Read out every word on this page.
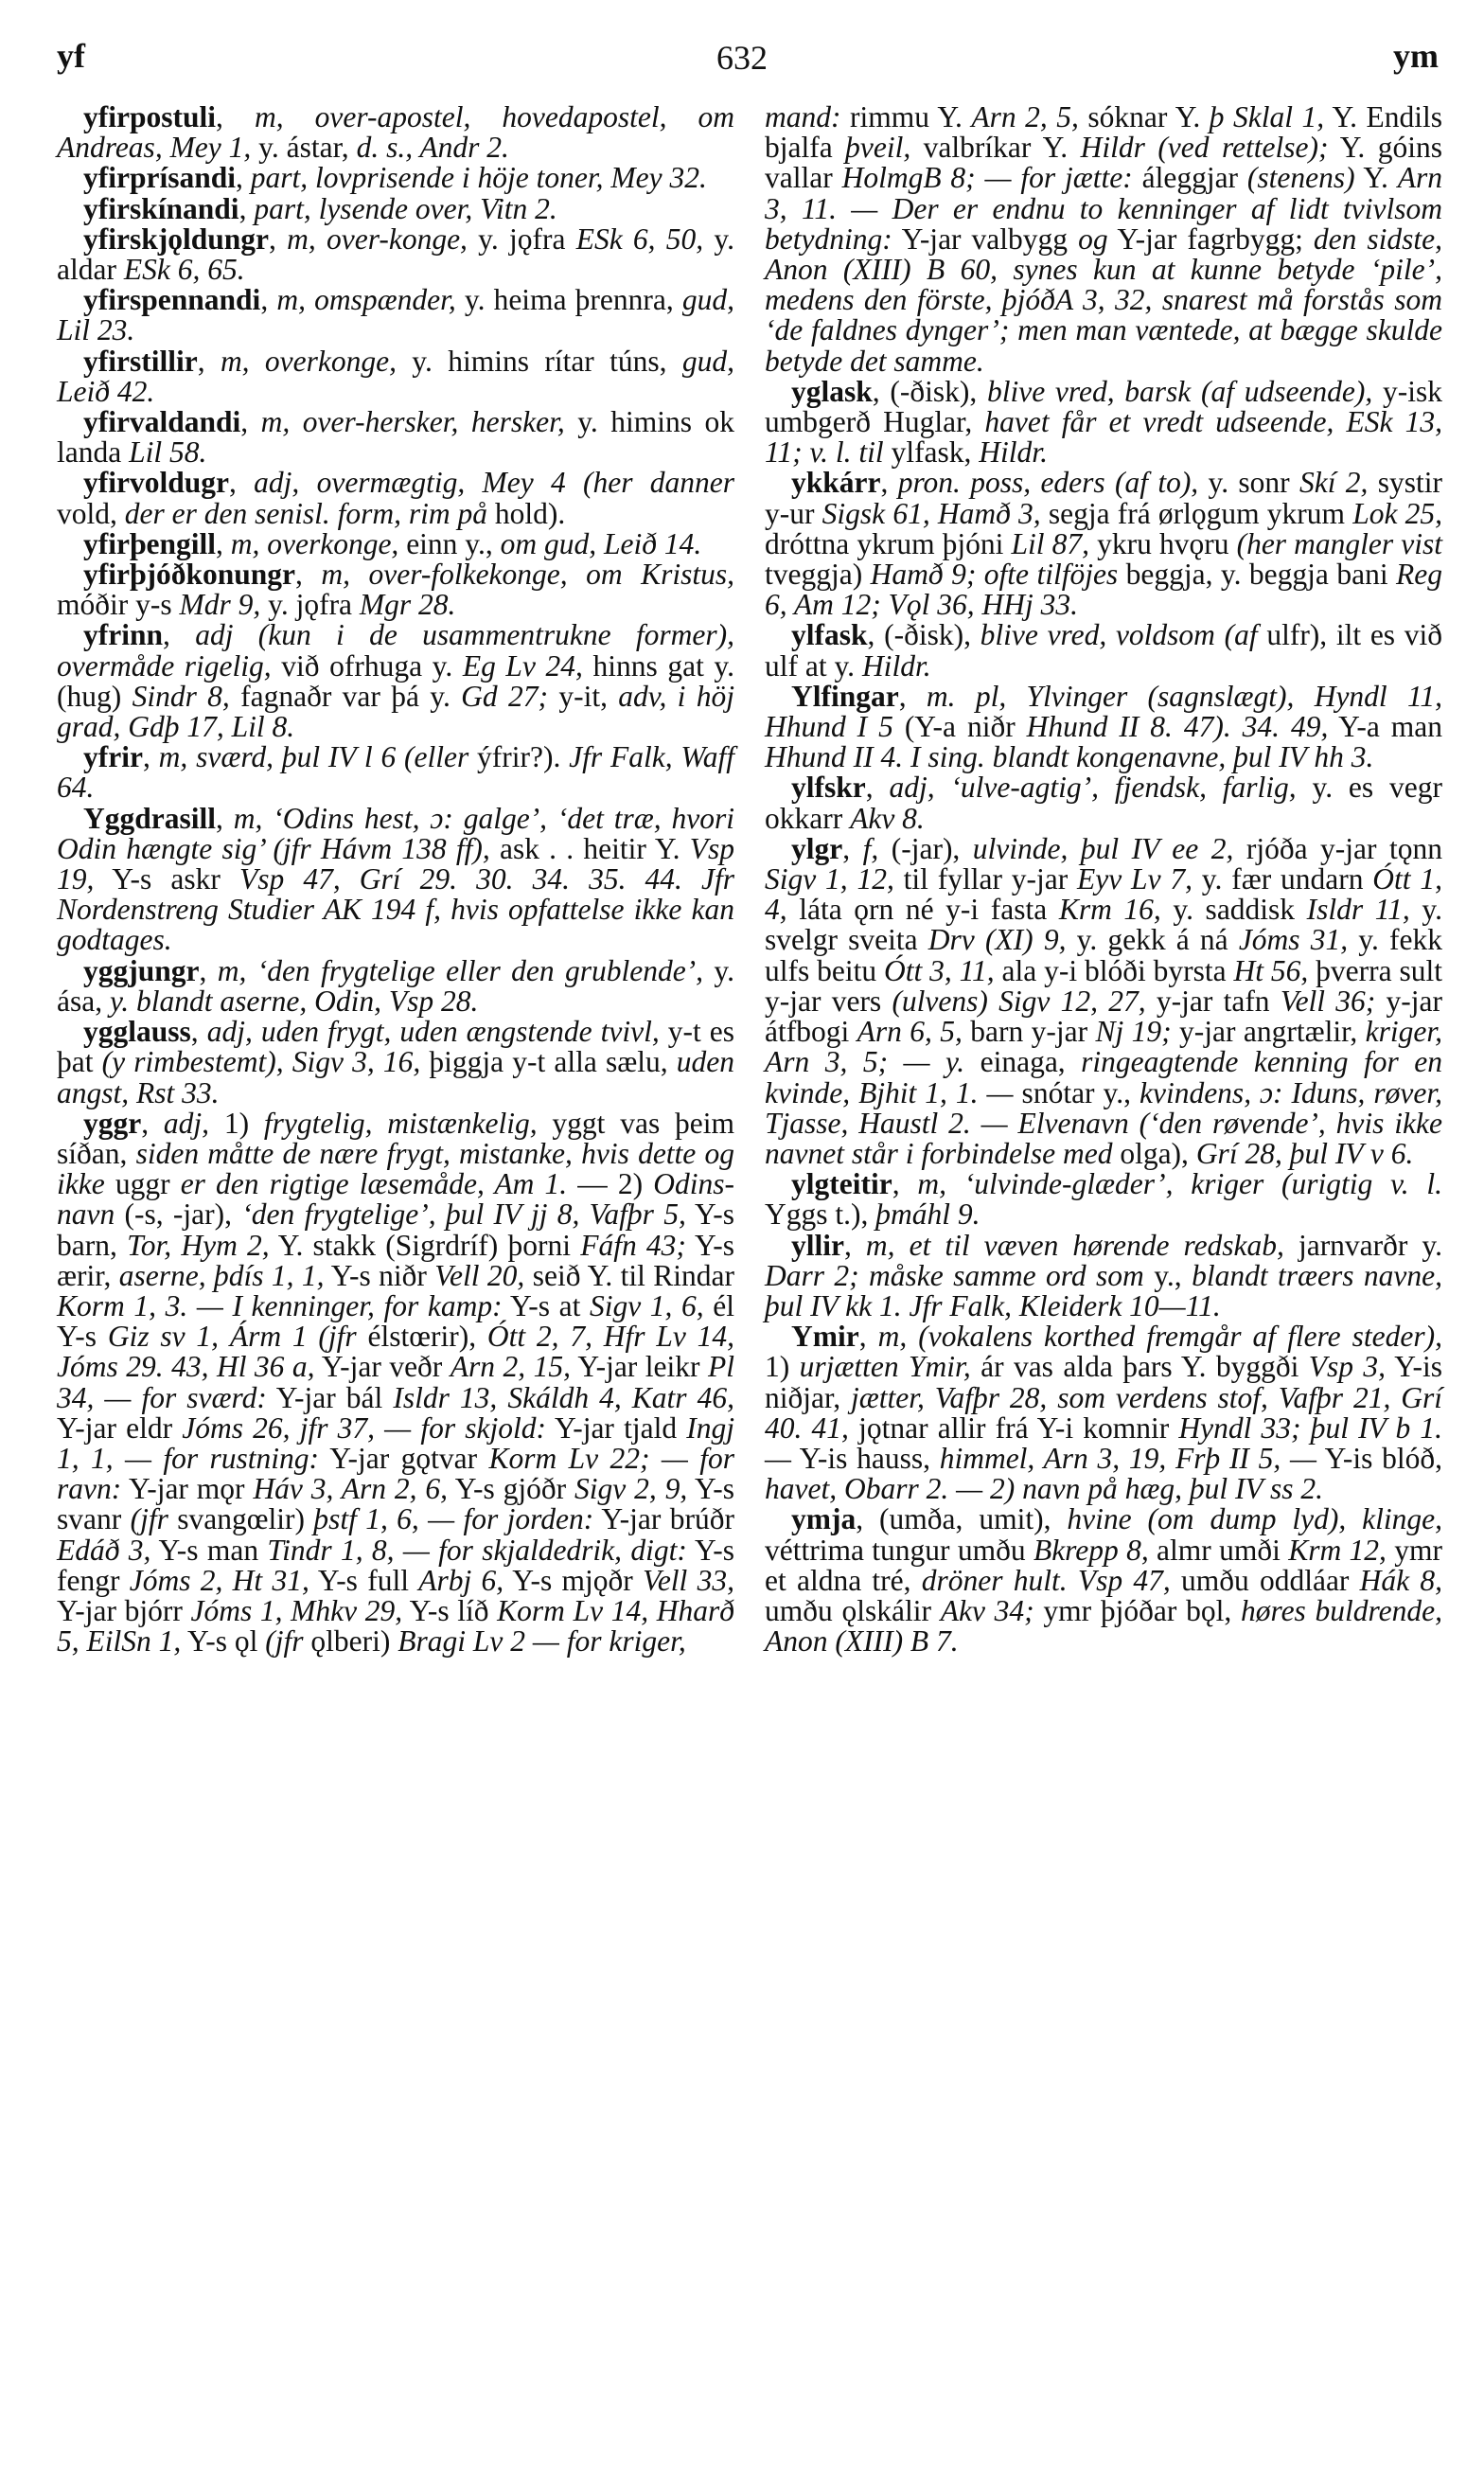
yf	632	ym

yfirpostuli, m, over-apostel, hovedapostel, om Andreas, Mey 1, y. ástar, d. s., Andr 2.

yfirprísandi, part, lovprisende i höje toner, Mey 32.

yfirskínandi, part, lysende over, Vitn 2.

yfirskjǫldungr, m, over-konge, y. jǫfra ESk 6, 50, y. aldar ESk 6, 65.

yfirspennandi, m, omspænder, y. heima þrennra, gud, Lil 23.

yfirstillir, m, overkonge, y. himins rítar túns, gud, Leið 42.

yfirvaldandi, m, over-hersker, hersker, y. himins ok landa Lil 58.

yfirvoldugr, adj, overmægtig, Mey 4 (her danner vold, der er den senisl. form, rim på hold).

yfirþengill, m, overkonge, einn y., om gud, Leið 14.

yfirþjóðkonungr, m, over-folkekonge, om Kristus, móðir y-s Mdr 9, y. jǫfra Mgr 28.

yfrinn, adj (kun i de usammentrukne former), overmåde rigelig, við ofrhuga y. Eg Lv 24, hinns gat y. (hug) Sindr 8, fagnaðr var þá y. Gd 27; y-it, adv, i höj grad, Gdþ 17, Lil 8.

yfrir, m, sværd, þul IV l 6 (eller ýfrir?). Jfr Falk, Waff 64.

Yggdrasill, m, ‘Odins hest, ɔ: galge’, ‘det træ, hvori Odin hængte sig’ (jfr Hávm 138 ff), ask . . heitir Y. Vsp 19, Y-s askr Vsp 47, Grí 29. 30. 34. 35. 44. Jfr Nordenstreng Studier AK 194 f, hvis opfattelse ikke kan godtages.

yggjungr, m, ‘den frygtelige eller den grublende’, y. ása, y. blandt aserne, Odin, Vsp 28.

ygglauss, adj, uden frygt, uden ængstende tvivl, y-t es þat (y rimbestemt), Sigv 3, 16, þiggja y-t alla sælu, uden angst, Rst 33.

yggr, adj, 1) frygtelig, mistænkelig, yggt vas þeim síðan, siden måtte de nære frygt, mistanke, hvis dette og ikke uggr er den rigtige læsemåde, Am 1. — 2) Odins-navn (-s, -jar), ‘den frygtelige’, þul IV jj 8, Vafþr 5, Y-s barn, Tor, Hym 2, Y. stakk (Sigrdríf) þorni Fáfn 43; Y-s ærir, aserne, þdís 1, 1, Y-s niðr Vell 20, seið Y. til Rindar Korm 1, 3. — I kenninger, for kamp: Y-s at Sigv 1, 6, él Y-s Giz sv 1, Árm 1 (jfr élstœrir), Ótt 2, 7, Hfr Lv 14, Jóms 29. 43, Hl 36 a, Y-jar veðr Arn 2, 15, Y-jar leikr Pl 34, — for sværd: Y-jar bál Isldr 13, Skáldh 4, Katr 46, Y-jar eldr Jóms 26, jfr 37, — for skjold: Y-jar tjald Ingj 1, 1, — for rustning: Y-jar gǫtvar Korm Lv 22; — for ravn: Y-jar mǫr Háv 3, Arn 2, 6, Y-s gjóðr Sigv 2, 9, Y-s svanr (jfr svangœlir) þstf 1, 6, — for jorden: Y-jar brúðr Edáð 3, Y-s man Tindr 1, 8, — for skjaldedrik, digt: Y-s fengr Jóms 2, Ht 31, Y-s full Arbj 6, Y-s mjǫðr Vell 33, Y-jar bjórr Jóms 1, Mhkv 29, Y-s líð Korm Lv 14, Hharð 5, EilSn 1, Y-s ǫl (jfr ǫlberi) Bragi Lv 2 — for kriger,

mand: rimmu Y. Arn 2, 5, sóknar Y. þ Sklal 1, Y. Endils bjalfa þveil, valbríkar Y. Hildr (ved rettelse); Y. góins vallar HolmgB 8; — for jætte: áleggjar (stenens) Y. Arn 3, 11. — Der er endnu to kenninger af lidt tvivlsom betydning: Y-jar valbygg og Y-jar fagrbygg; den sidste, Anon (XIII) B 60, synes kun at kunne betyde ‘pile’, medens den förste, þjóðA 3, 32, snarest må forstås som ‘de faldnes dynger’; men man væntede, at bægge skulde betyde det samme.

yglask, (-ðisk), blive vred, barsk (af udseende), y-isk umbgerð Huglar, havet får et vredt udseende, ESk 13, 11; v. l. til ylfask, Hildr.

ykkárr, pron. poss, eders (af to), y. sonr Skí 2, systir y-ur Sigsk 61, Hamð 3, segja frá ørlǫgum ykrum Lok 25, dróttna ykrum þjóni Lil 87, ykru hvǫru (her mangler vist tveggja) Hamð 9; ofte tilföjes beggja, y. beggja bani Reg 6, Am 12; Vǫl 36, HHj 33.

ylfask, (-ðisk), blive vred, voldsom (af ulfr), ilt es við ulf at y. Hildr.

Ylfingar, m. pl, Ylvinger (sagnslægt), Hyndl 11, Hhund I 5 (Y-a niðr Hhund II 8. 47). 34. 49, Y-a man Hhund II 4. I sing. blandt kongenavne, þul IV hh 3.

ylfskr, adj, ‘ulve-agtig’, fjendsk, farlig, y. es vegr okkarr Akv 8.

ylgr, f, (-jar), ulvinde, þul IV ee 2, rjóða y-jar tǫnn Sigv 1, 12, til fyllar y-jar Eyv Lv 7, y. fær undarn Ótt 1, 4, láta ǫrn né y-i fasta Krm 16, y. saddisk Isldr 11, y. svelgr sveita Drv (XI) 9, y. gekk á ná Jóms 31, y. fekk ulfs beitu Ótt 3, 11, ala y-i blóði byrsta Ht 56, þverra sult y-jar vers (ulvens) Sigv 12, 27, y-jar tafn Vell 36; y-jar átfbogi Arn 6, 5, barn y-jar Nj 19; y-jar angrtælir, kriger, Arn 3, 5; — y. einaga, ringeagtende kenning for en kvinde, Bjhit 1, 1. — snótar y., kvindens, ɔ: Iduns, røver, Tjasse, Haustl 2. — Elvenavn (‘den røvende’, hvis ikke navnet står i forbindelse med olga), Grí 28, þul IV v 6.

ylgteitir, m, ‘ulvinde-glæder’, kriger (urigtig v. l. Yggs t.), þmáhl 9.

yllir, m, et til væven hørende redskab, jarnvarðr y. Darr 2; måske samme ord som y., blandt træers navne, þul IV kk 1. Jfr Falk, Kleiderk 10—11.

Ymir, m, (vokalens korthed fremgår af flere steder), 1) urjætten Ymir, ár vas alda þars Y. byggði Vsp 3, Y-is niðjar, jætter, Vafþr 28, som verdens stof, Vafþr 21, Grí 40. 41, jǫtnar allir frá Y-i komnir Hyndl 33; þul IV b 1. — Y-is hauss, himmel, Arn 3, 19, Frþ II 5, — Y-is blóð, havet, Obarr 2. — 2) navn på hæg, þul IV ss 2.

ymja, (umða, umit), hvine (om dump lyd), klinge, véttrima tungur umðu Bkrepp 8, almr umði Krm 12, ymr et aldna tré, dröner hult. Vsp 47, umðu oddláar Hák 8, umðu ǫlskálir Akv 34; ymr þjóðar bǫl, høres buldrende, Anon (XIII) B 7.
